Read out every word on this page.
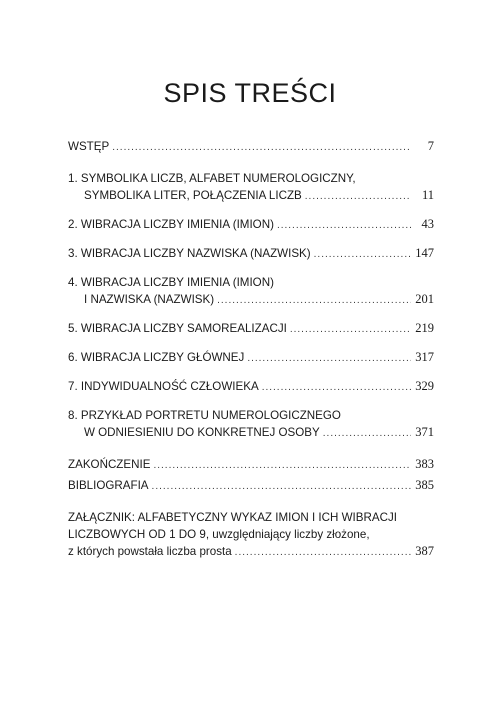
SPIS TREŚCI
WSTĘP .....	7
1. SYMBOLIKA LICZB, ALFABET NUMEROLOGICZNY,
SYMBOLIKA LITER, POŁĄCZENIA LICZB .....	11
2. WIBRACJA LICZBY IMIENIA (IMION) .....	43
3. WIBRACJA LICZBY NAZWISKA (NAZWISK) .....	147
4. WIBRACJA LICZBY IMIENIA (IMION)
I NAZWISKA (NAZWISK) .....	201
5. WIBRACJA LICZBY SAMOREALIZACJI .....	219
6. WIBRACJA LICZBY GŁÓWNEJ .....	317
7. INDYWIDUALNOŚĆ CZŁOWIEKA .....	329
8. PRZYKŁAD PORTRETU NUMEROLOGICZNEGO
W ODNIESIENIU DO KONKRETNEJ OSOBY .....	371
ZAKOŃCZENIE .....	383
BIBLIOGRAFIA .....	385
ZAŁĄCZNIK: ALFABETYCZNY WYKAZ IMION I ICH WIBRACJI
LICZBOWYCH OD 1 DO 9, uwzględniający liczby złożone,
z których powstała liczba prosta .....	387
